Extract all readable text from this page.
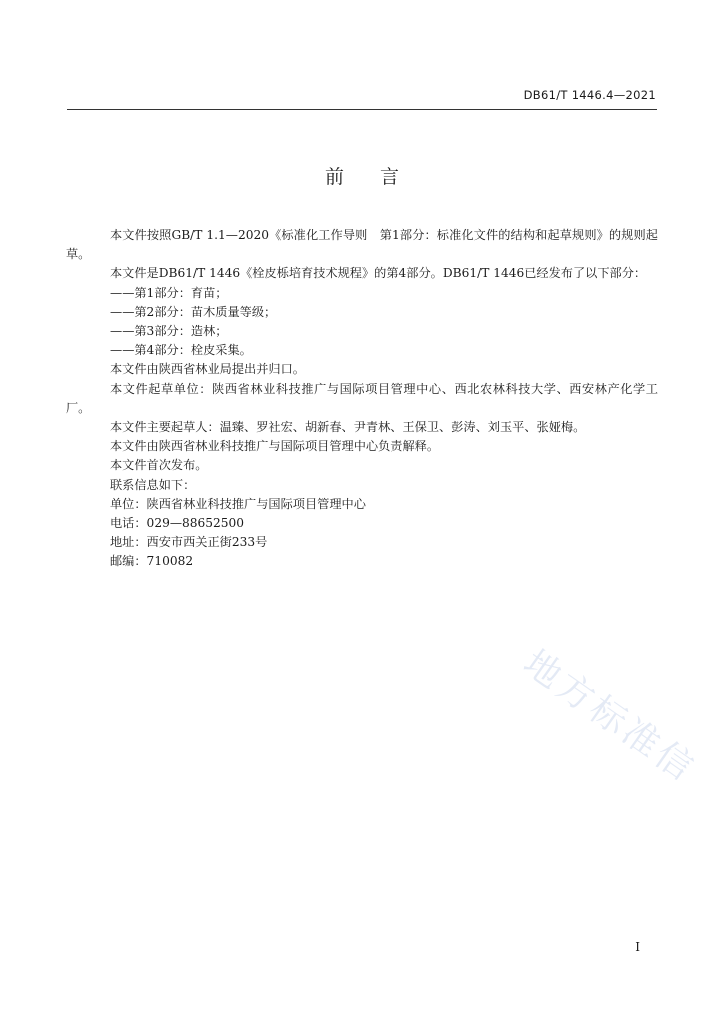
DB61/T 1446.4—2021
前言

本文件按照GB/T 1.1—2020《标准化工作导则　第1部分：标准化文件的结构和起草规则》的规则起草。

本文件是DB61/T 1446《栓皮栎培育技术规程》的第4部分。DB61/T 1446已经发布了以下部分：

——第1部分：育苗；

——第2部分：苗木质量等级；

——第3部分：造林；

——第4部分：栓皮采集。

本文件由陕西省林业局提出并归口。

本文件起草单位：陕西省林业科技推广与国际项目管理中心、西北农林科技大学、西安林产化学工厂。

本文件主要起草人：温臻、罗社宏、胡新春、尹青林、王保卫、彭涛、刘玉平、张娅梅。

本文件由陕西省林业科技推广与国际项目管理中心负责解释。

本文件首次发布。

联系信息如下：

单位：陕西省林业科技推广与国际项目管理中心

电话：029—88652500

地址：西安市西关正街233号

邮编：710082

地方标准信
I
